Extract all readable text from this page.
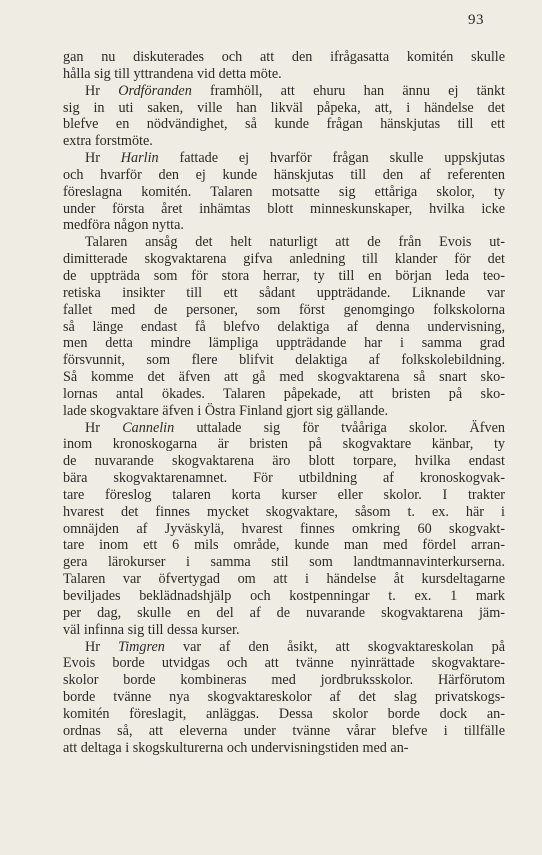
93
gan nu diskuterades och att den ifrågasatta komitén skulle
hålla sig till yttrandena vid detta möte.
Hr Ordföranden framhöll, att ehuru han ännu ej tänkt
sig in uti saken, ville han likväl påpeka, att, i händelse det
blefve en nödvändighet, så kunde frågan hänskjutas till ett
extra forstmöte.
Hr Harlin fattade ej hvarför frågan skulle uppskjutas
och hvarför den ej kunde hänskjutas till den af referenten
föreslagna komitén. Talaren motsatte sig ettåriga skolor, ty
under första året inhämtas blott minneskunskaper, hvilka icke
medföra någon nytta.
Talaren ansåg det helt naturligt att de från Evois ut-
dimitterade skogvaktarena gifva anledning till klander för det
de uppträda som för stora herrar, ty till en början leda teo-
retiska insikter till ett sådant uppträdande. Liknande var
fallet med de personer, som först genomgingo folkskolorna
så länge endast få blefvo delaktiga af denna undervisning,
men detta mindre lämpliga uppträdande har i samma grad
försvunnit, som flere blifvit delaktiga af folkskolebildning.
Så komme det äfven att gå med skogvaktarena så snart sko-
lornas antal ökades. Talaren påpekade, att bristen på sko-
lade skogvaktare äfven i Östra Finland gjort sig gällande.
Hr Cannelin uttalade sig för tvååriga skolor. Äfven
inom kronoskogarna är bristen på skogvaktare känbar, ty
de nuvarande skogvaktarena äro blott torpare, hvilka endast
bära skogvaktarenamnet. För utbildning af kronoskogvak-
tare föreslog talaren korta kurser eller skolor. I trakter
hvarest det finnes mycket skogvaktare, såsom t. ex. här i
omnäjden af Jyväskylä, hvarest finnes omkring 60 skogvakt-
tare inom ett 6 mils område, kunde man med fördel arran-
gera lärokurser i samma stil som landtmannavinterkurserna.
Talaren var öfvertygad om att i händelse åt kursdeltagarne
beviljades beklädnadshjälp och kostpenningar t. ex. 1 mark
per dag, skulle en del af de nuvarande skogvaktarena jäm-
väl infinna sig till dessa kurser.
Hr Timgren var af den åsikt, att skogvaktareskolan på
Evois borde utvidgas och att tvänne nyinrättade skogvaktare-
skolor borde kombineras med jordbruksskolor. Härförutom
borde tvänne nya skogvaktareskolor af det slag privatskogs-
komitén föreslagit, anläggas. Dessa skolor borde dock an-
ordnas så, att eleverna under tvänne vårar blefve i tillfälle
att deltaga i skogskulturerna och undervisningstiden med an-
